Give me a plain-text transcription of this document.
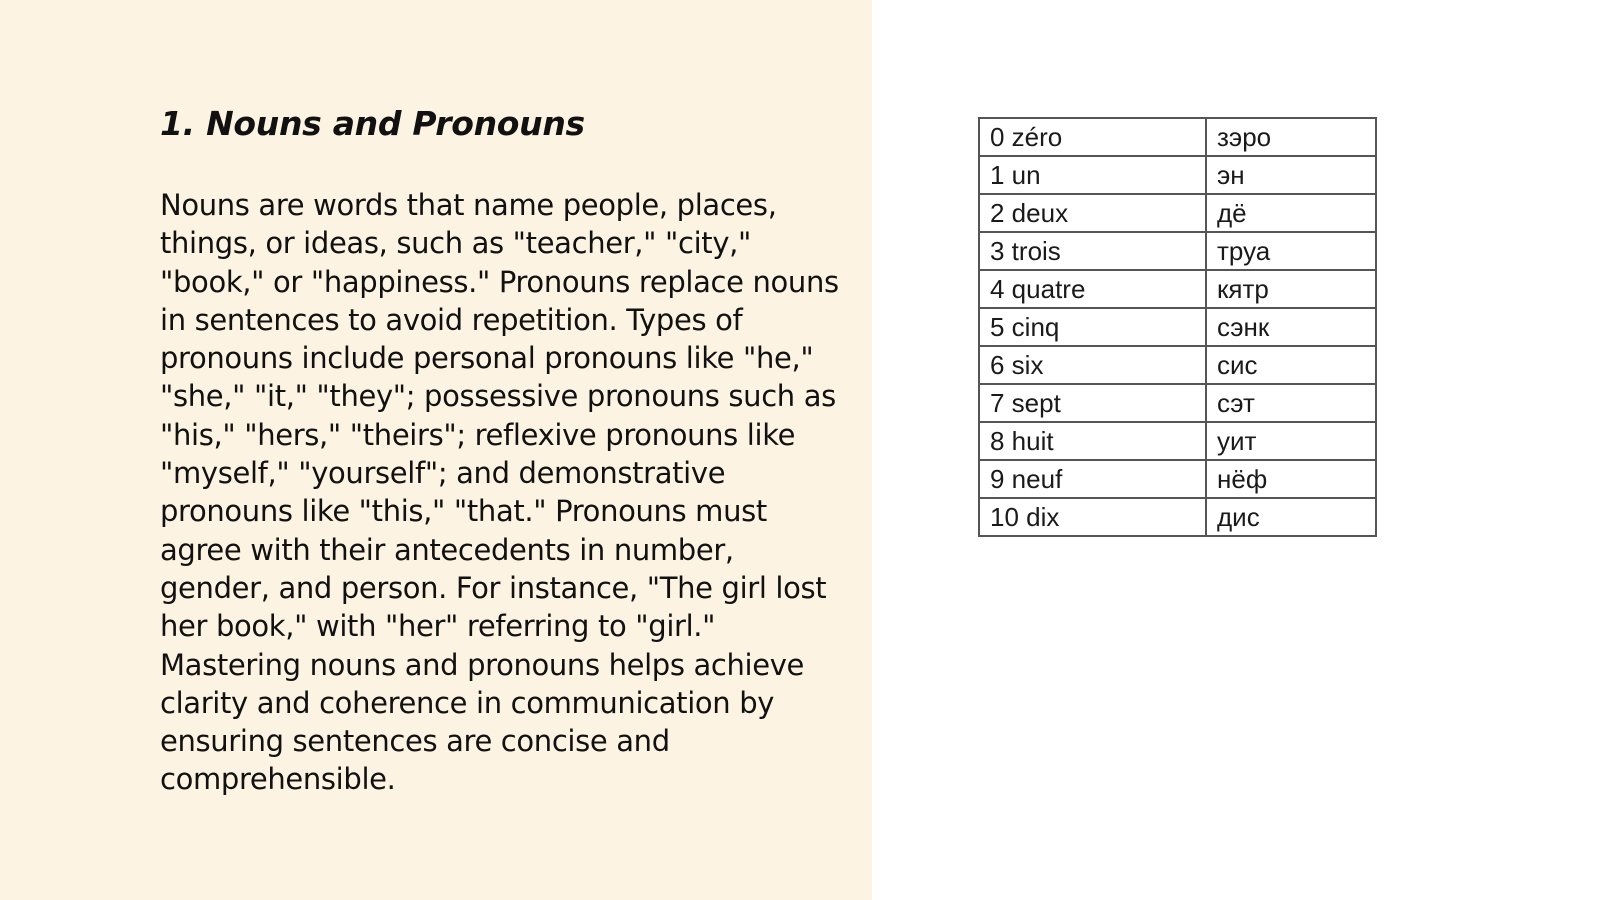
1. Nouns and Pronouns

Nouns are words that name people, places, things, or ideas, such as "teacher," "city," "book," or "happiness." Pronouns replace nouns in sentences to avoid repetition. Types of pronouns include personal pronouns like "he," "she," "it," "they"; possessive pronouns such as "his," "hers," "theirs"; reflexive pronouns like "myself," "yourself"; and demonstrative pronouns like "this," "that." Pronouns must agree with their antecedents in number, gender, and person. For instance, "The girl lost her book," with "her" referring to "girl." Mastering nouns and pronouns helps achieve clarity and coherence in communication by ensuring sentences are concise and comprehensible.

0 zéro	зэро
1 un	эн
2 deux	дё
3 trois	труа
4 quatre	кятр
5 cinq	сэнк
6 six	сис
7 sept	сэт
8 huit	уит
9 neuf	нёф
10 dix	дис
